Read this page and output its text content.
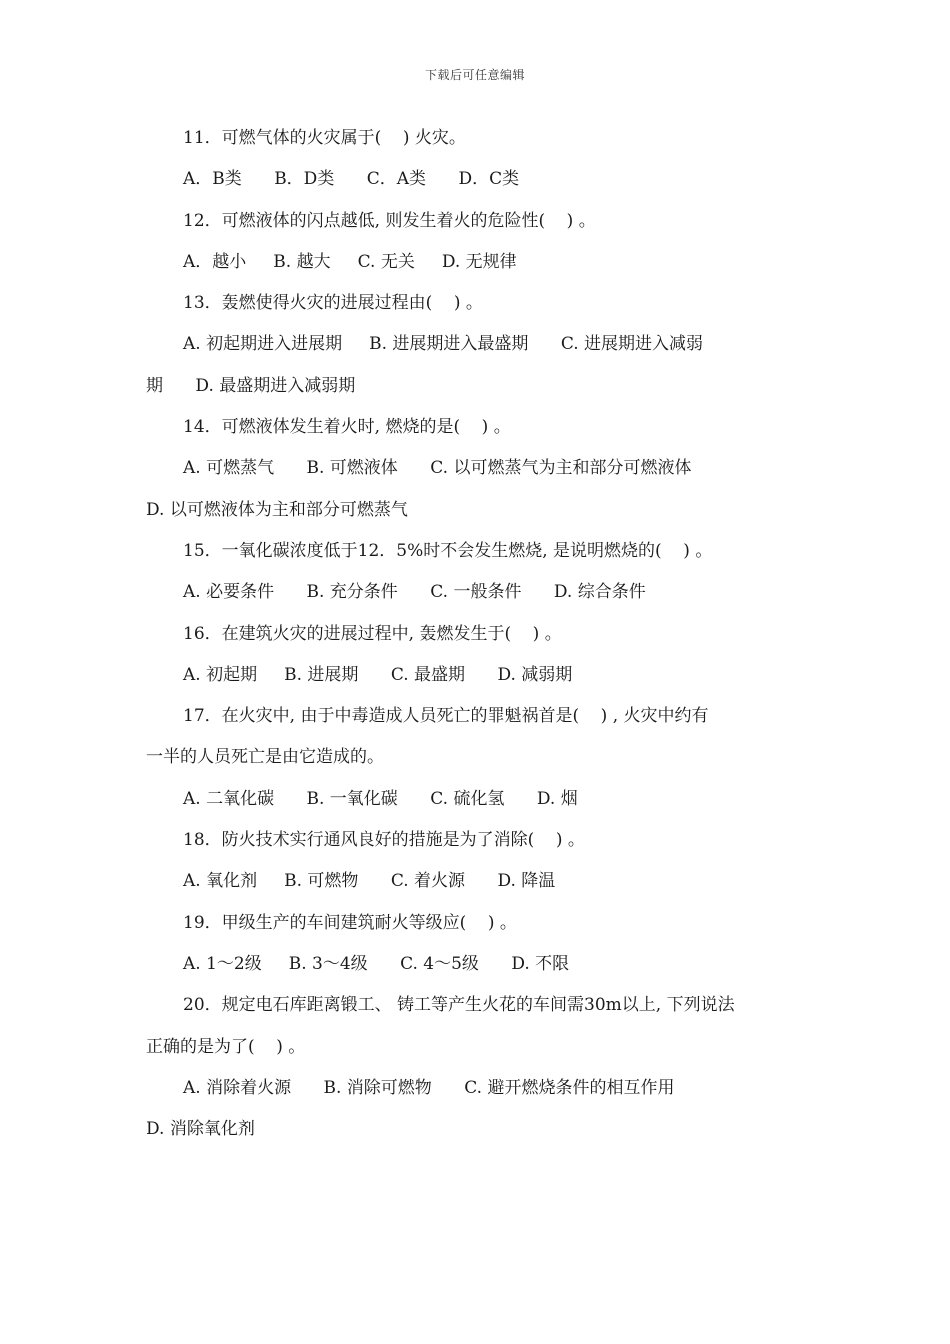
下载后可任意编辑
11．可燃气体的火灾属于(    ) 火灾。
A．B类      B．D类      C．A类      D．C类
12．可燃液体的闪点越低, 则发生着火的危险性(    ) 。
A．越小     B. 越大     C. 无关     D. 无规律
13．轰燃使得火灾的进展过程由(    ) 。
A. 初起期进入进展期     B. 进展期进入最盛期      C. 进展期进入减弱
期      D. 最盛期进入减弱期
14．可燃液体发生着火时, 燃烧的是(    ) 。
A. 可燃蒸气      B. 可燃液体      C. 以可燃蒸气为主和部分可燃液体
D. 以可燃液体为主和部分可燃蒸气
15．一氧化碳浓度低于12．5%时不会发生燃烧, 是说明燃烧的(    ) 。
A. 必要条件      B. 充分条件      C. 一般条件      D. 综合条件
16．在建筑火灾的进展过程中, 轰燃发生于(    ) 。
A. 初起期     B. 进展期      C. 最盛期      D. 减弱期
17．在火灾中, 由于中毒造成人员死亡的罪魁祸首是(    ) , 火灾中约有
一半的人员死亡是由它造成的。
A. 二氧化碳      B. 一氧化碳      C. 硫化氢      D. 烟
18．防火技术实行通风良好的措施是为了消除(    ) 。
A. 氧化剂     B. 可燃物      C. 着火源      D. 降温
19．甲级生产的车间建筑耐火等级应(    ) 。
A. 1～2级     B. 3～4级      C. 4～5级      D. 不限
20．规定电石库距离锻工、 铸工等产生火花的车间需30m以上, 下列说法
正确的是为了(    ) 。
A. 消除着火源      B. 消除可燃物      C. 避开燃烧条件的相互作用
D. 消除氧化剂
